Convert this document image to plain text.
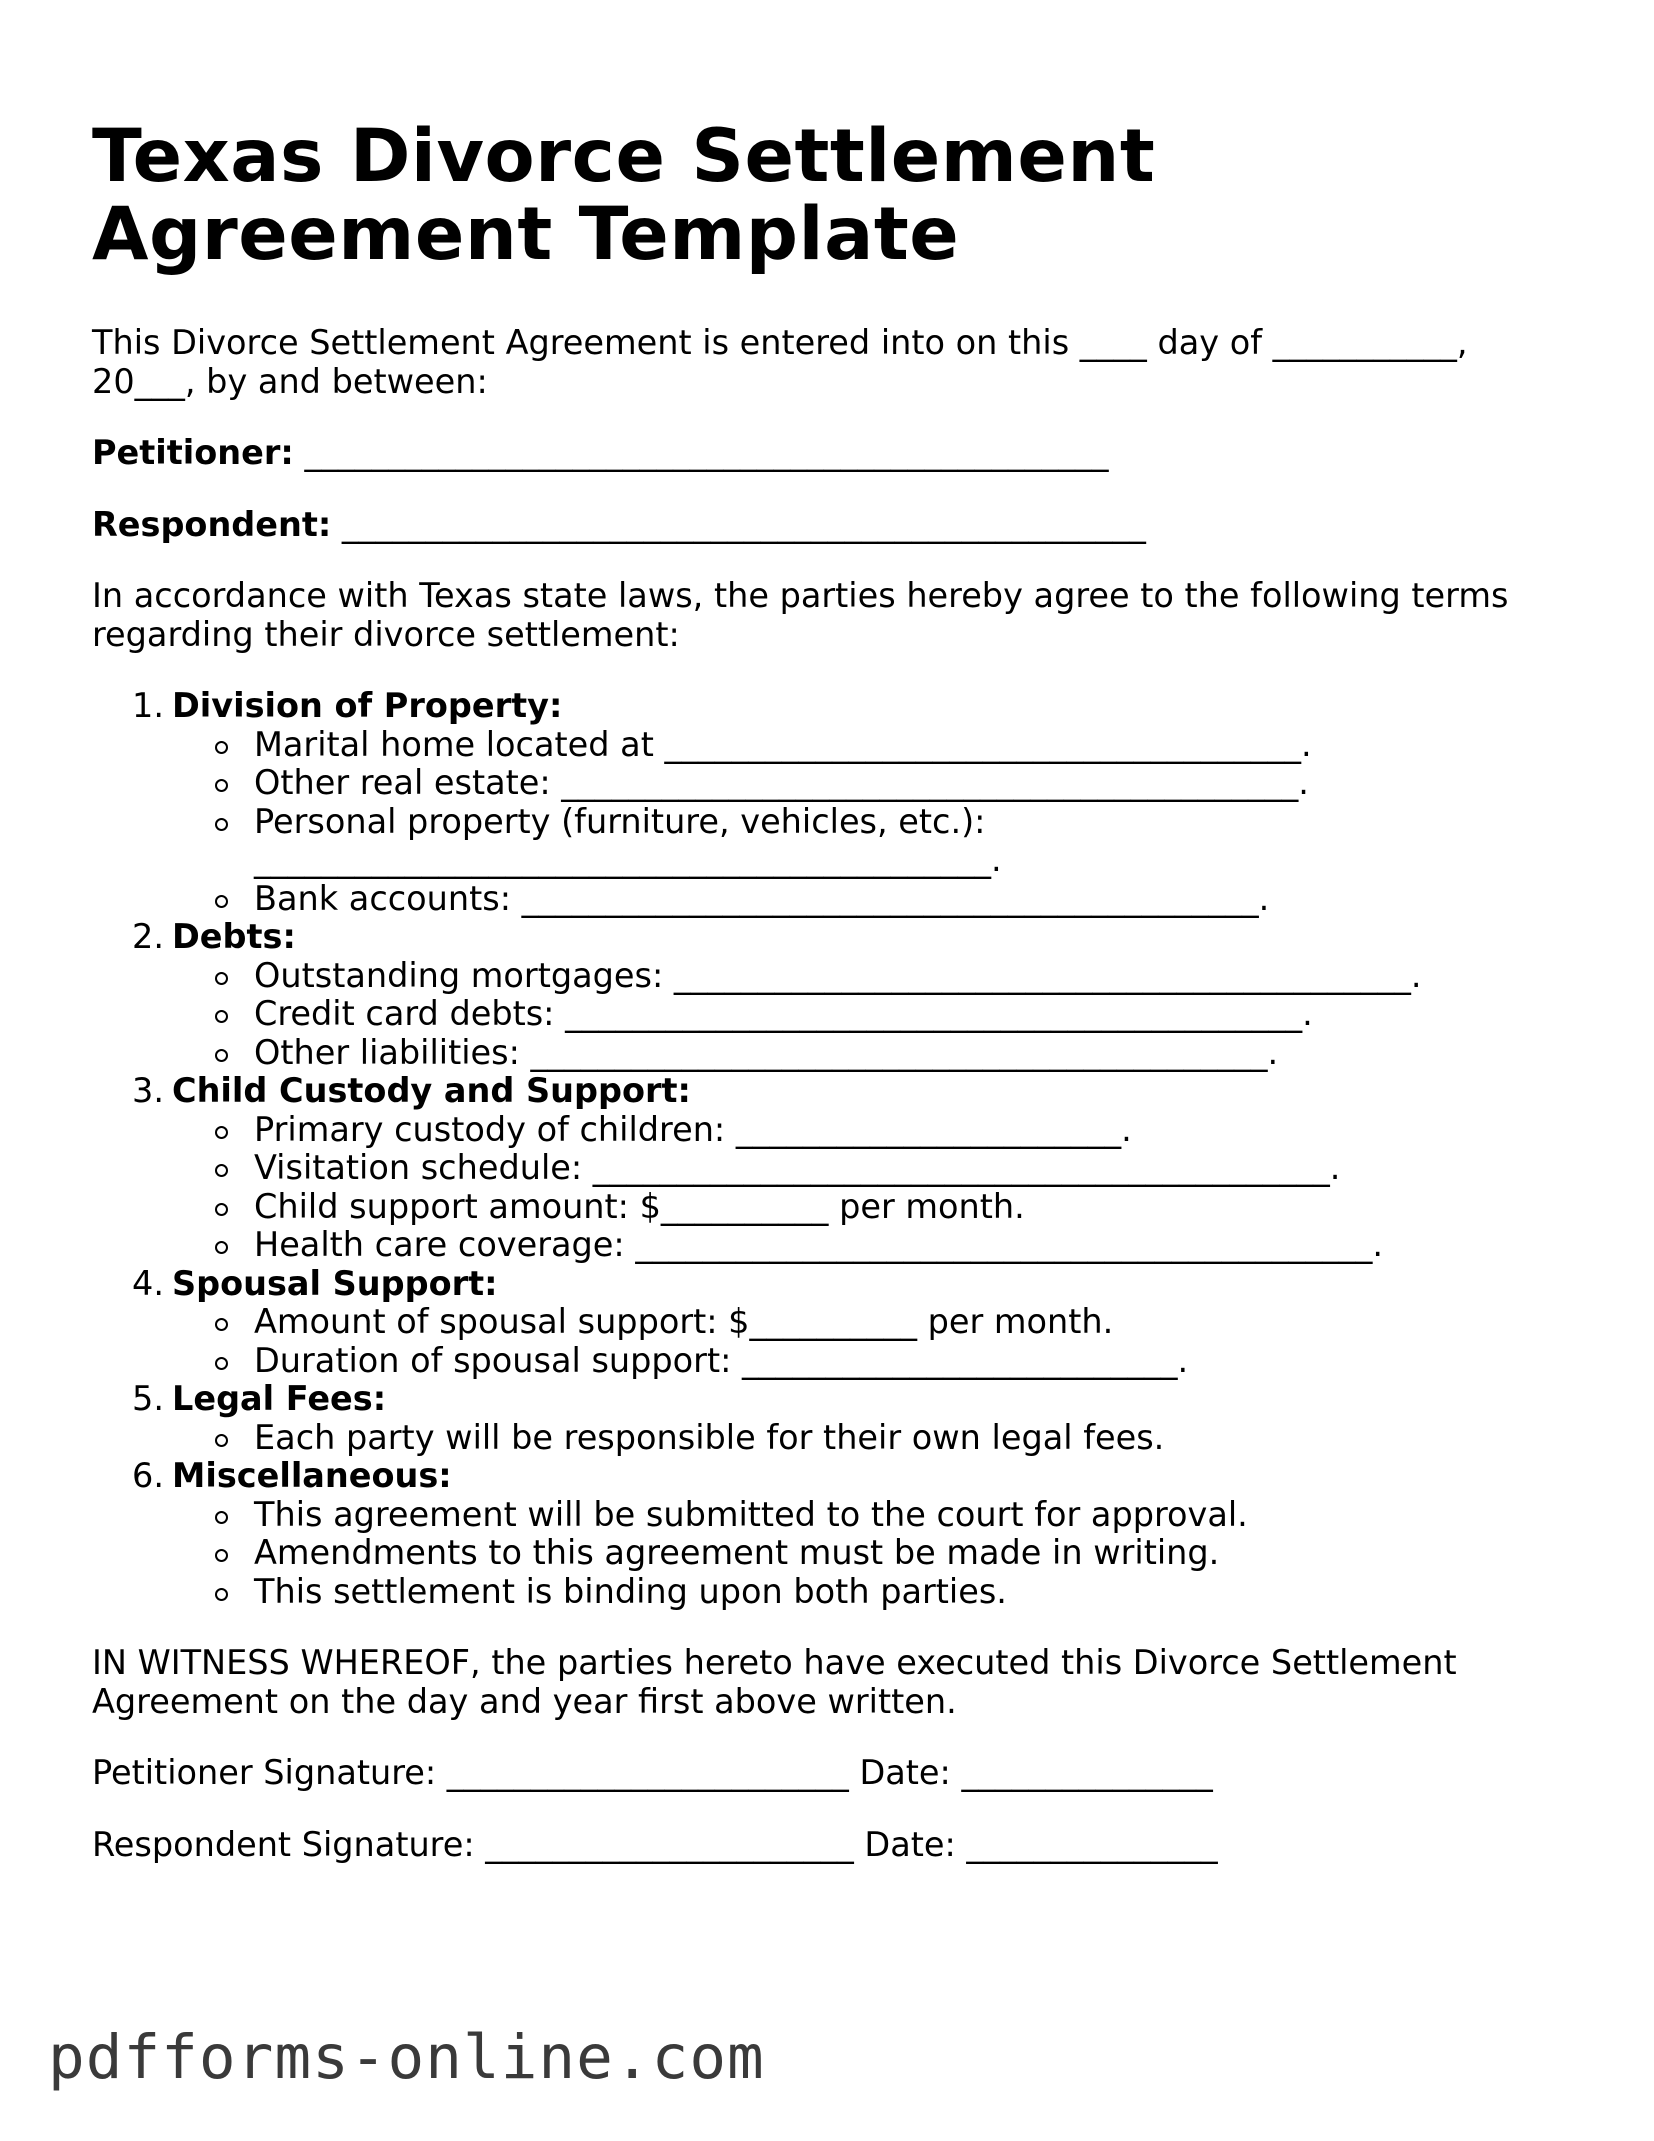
Texas Divorce Settlement Agreement Template

This Divorce Settlement Agreement is entered into on this ____ day of ___________, 20___, by and between:

Petitioner: ________________________________________________

Respondent: ________________________________________________

In accordance with Texas state laws, the parties hereby agree to the following terms regarding their divorce settlement:

1. Division of Property:
Marital home located at ______________________________________.
Other real estate: ____________________________________________.
Personal property (furniture, vehicles, etc.): ____________________________________________.
Bank accounts: ____________________________________________.
2. Debts:
Outstanding mortgages: ____________________________________________.
Credit card debts: ____________________________________________.
Other liabilities: ____________________________________________.
3. Child Custody and Support:
Primary custody of children: _______________________.
Visitation schedule: ____________________________________________.
Child support amount: $__________ per month.
Health care coverage: ____________________________________________.
4. Spousal Support:
Amount of spousal support: $__________ per month.
Duration of spousal support: __________________________.
5. Legal Fees:
Each party will be responsible for their own legal fees.
6. Miscellaneous:
This agreement will be submitted to the court for approval.
Amendments to this agreement must be made in writing.
This settlement is binding upon both parties.

IN WITNESS WHEREOF, the parties hereto have executed this Divorce Settlement Agreement on the day and year first above written.

Petitioner Signature: ________________________ Date: _______________

Respondent Signature: ______________________ Date: _______________

pdfforms-online.com
